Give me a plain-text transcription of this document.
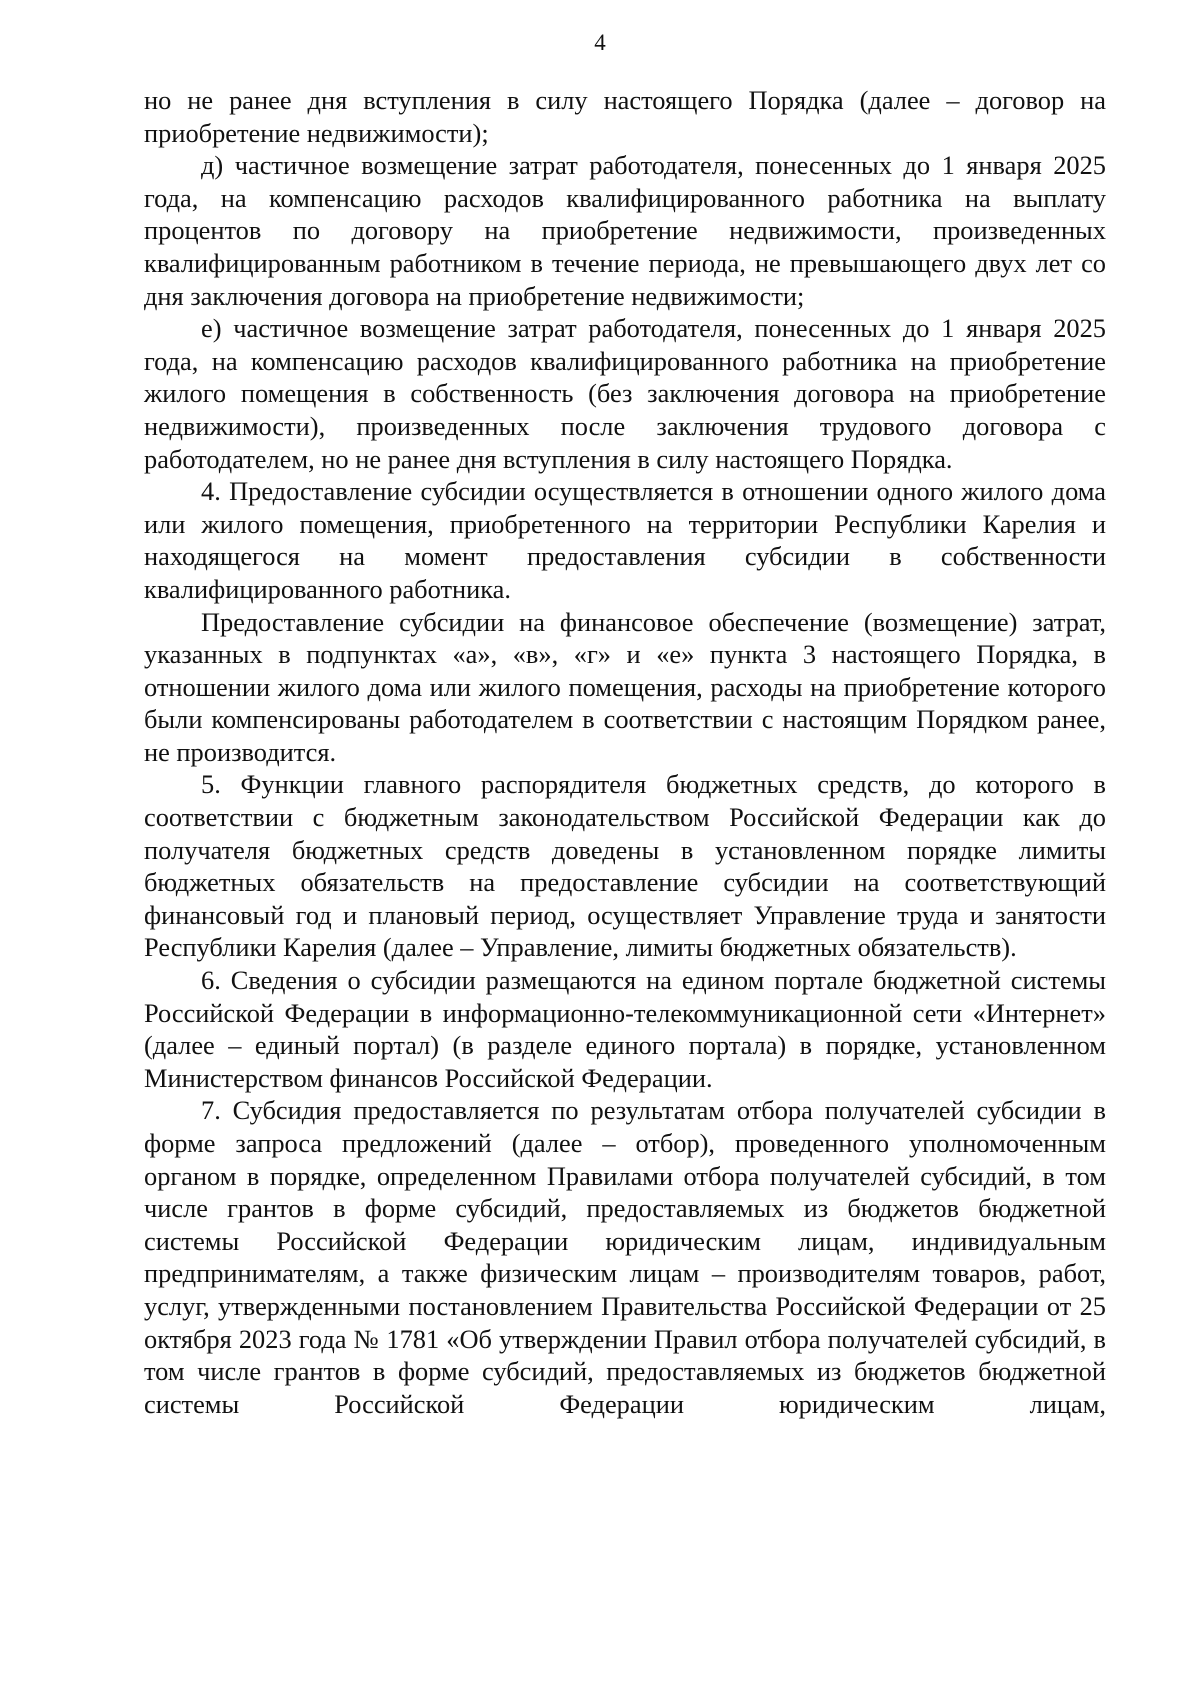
4

но не ранее дня вступления в силу настоящего Порядка (далее – договор на приобретение недвижимости);

д) частичное возмещение затрат работодателя, понесенных до 1 января 2025 года, на компенсацию расходов квалифицированного работника на выплату процентов по договору на приобретение недвижимости, произведенных квалифицированным работником в течение периода, не превышающего двух лет со дня заключения договора на приобретение недвижимости;

е) частичное возмещение затрат работодателя, понесенных до 1 января 2025 года, на компенсацию расходов квалифицированного работника на приобретение жилого помещения в собственность (без заключения договора на приобретение недвижимости), произведенных после заключения трудового договора с работодателем, но не ранее дня вступления в силу настоящего Порядка.

4. Предоставление субсидии осуществляется в отношении одного жилого дома или жилого помещения, приобретенного на территории Республики Карелия и находящегося на момент предоставления субсидии в собственности квалифицированного работника.

Предоставление субсидии на финансовое обеспечение (возмещение) затрат, указанных в подпунктах «а», «в», «г» и «е» пункта 3 настоящего Порядка, в отношении жилого дома или жилого помещения, расходы на приобретение которого были компенсированы работодателем в соответствии с настоящим Порядком ранее, не производится.

5. Функции главного распорядителя бюджетных средств, до которого в соответствии с бюджетным законодательством Российской Федерации как до получателя бюджетных средств доведены в установленном порядке лимиты бюджетных обязательств на предоставление субсидии на соответствующий финансовый год и плановый период, осуществляет Управление труда и занятости Республики Карелия (далее – Управление, лимиты бюджетных обязательств).

6. Сведения о субсидии размещаются на едином портале бюджетной системы Российской Федерации в информационно-телекоммуникационной сети «Интернет» (далее – единый портал) (в разделе единого портала) в порядке, установленном Министерством финансов Российской Федерации.

7. Субсидия предоставляется по результатам отбора получателей субсидии в форме запроса предложений (далее – отбор), проведенного уполномоченным органом в порядке, определенном Правилами отбора получателей субсидий, в том числе грантов в форме субсидий, предоставляемых из бюджетов бюджетной системы Российской Федерации юридическим лицам, индивидуальным предпринимателям, а также физическим лицам – производителям товаров, работ, услуг, утвержденными постановлением Правительства Российской Федерации от 25 октября 2023 года № 1781 «Об утверждении Правил отбора получателей субсидий, в том числе грантов в форме субсидий, предоставляемых из бюджетов бюджетной системы Российской Федерации юридическим лицам,
